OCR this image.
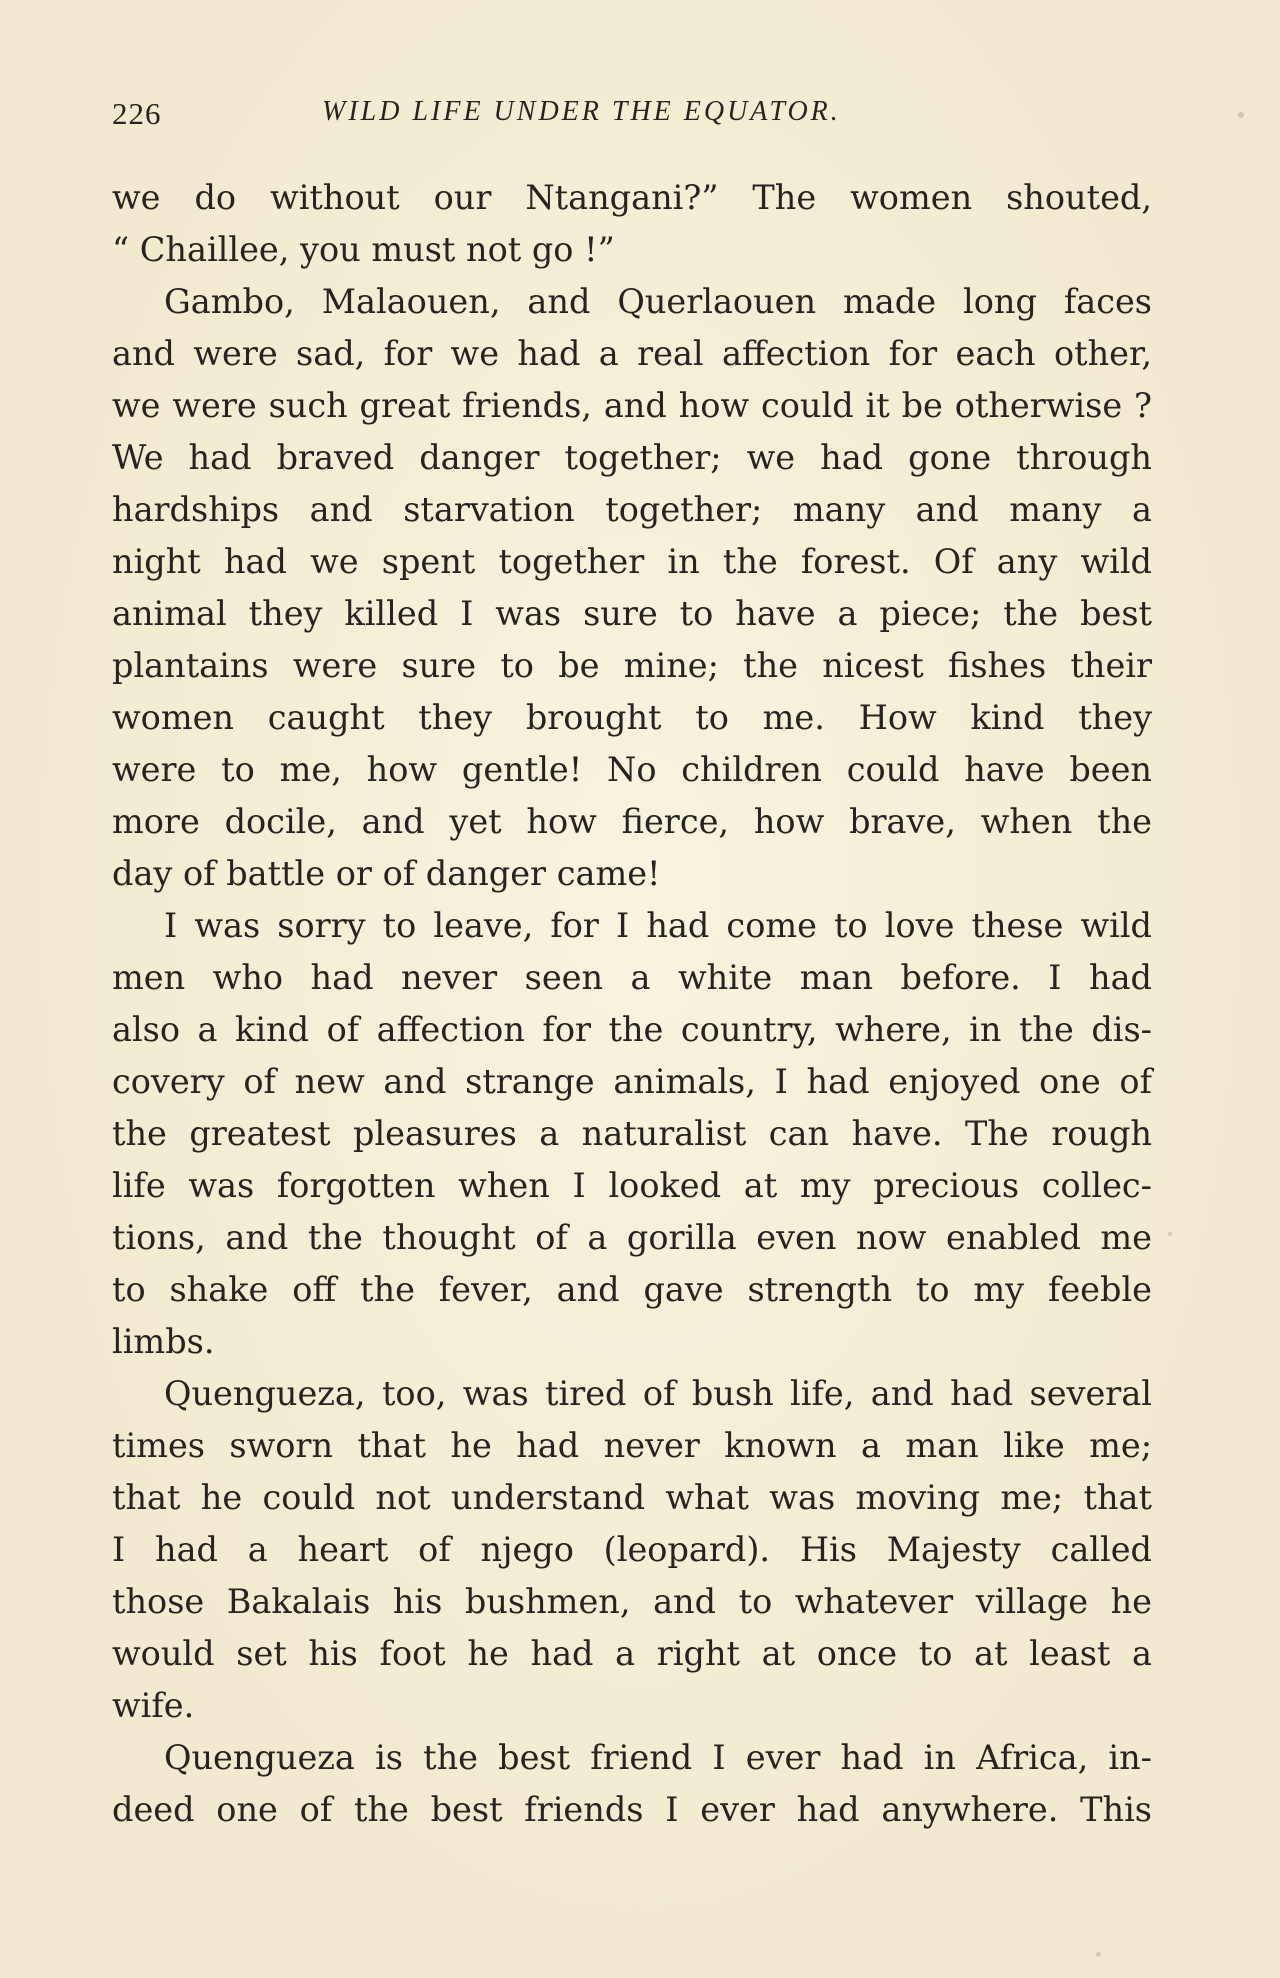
226	WILD LIFE UNDER THE EQUATOR.
we do without our Ntangani?” The women shouted,
“ Chaillee, you must not go !”
Gambo, Malaouen, and Querlaouen made long faces
and were sad, for we had a real affection for each other,
we were such great friends, and how could it be otherwise ?
We had braved danger together; we had gone through
hardships and starvation together; many and many a
night had we spent together in the forest. Of any wild
animal they killed I was sure to have a piece; the best
plantains were sure to be mine; the nicest fishes their
women caught they brought to me. How kind they
were to me, how gentle! No children could have been
more docile, and yet how fierce, how brave, when the
day of battle or of danger came!
I was sorry to leave, for I had come to love these wild
men who had never seen a white man before. I had
also a kind of affection for the country, where, in the dis-
covery of new and strange animals, I had enjoyed one of
the greatest pleasures a naturalist can have. The rough
life was forgotten when I looked at my precious collec-
tions, and the thought of a gorilla even now enabled me
to shake off the fever, and gave strength to my feeble
limbs.
Quengueza, too, was tired of bush life, and had several
times sworn that he had never known a man like me;
that he could not understand what was moving me; that
I had a heart of njego (leopard). His Majesty called
those Bakalais his bushmen, and to whatever village he
would set his foot he had a right at once to at least a
wife.
Quengueza is the best friend I ever had in Africa, in-
deed one of the best friends I ever had anywhere. This
